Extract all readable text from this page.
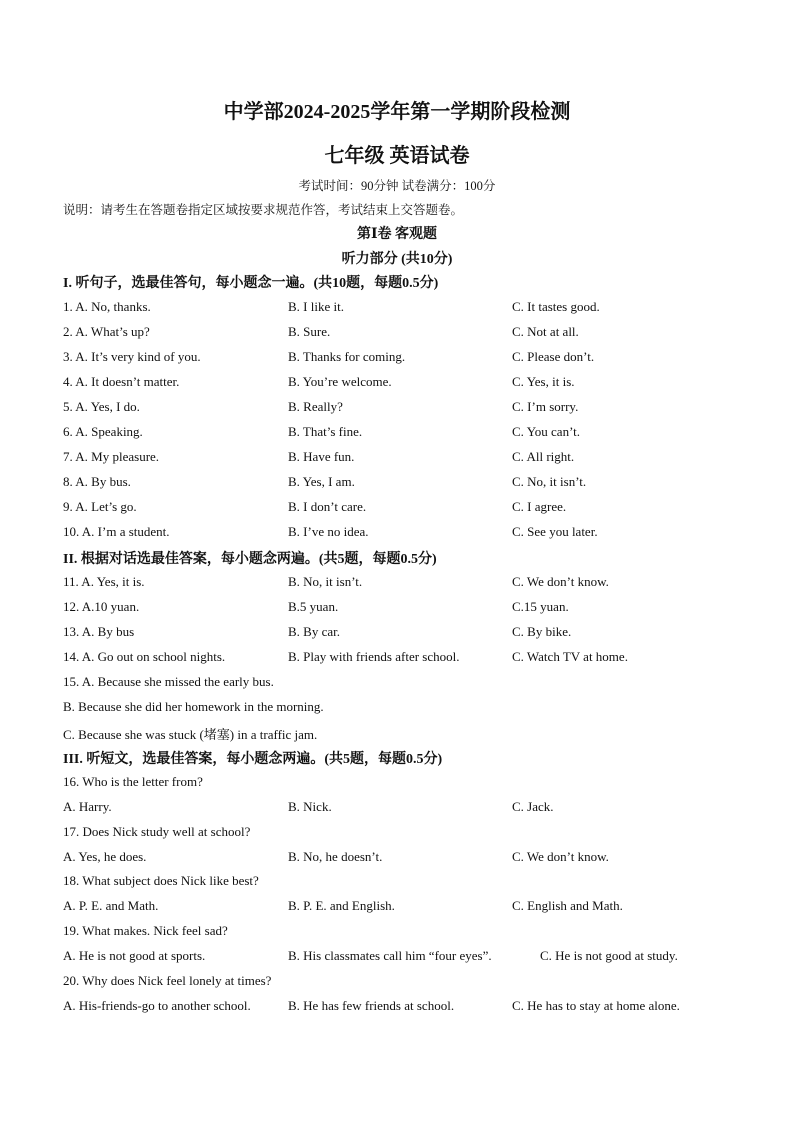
中学部2024-2025学年第一学期阶段检测
七年级 英语试卷
考试时间：90分钟 试卷满分：100分
说明：请考生在答题卷指定区域按要求规范作答，考试结束上交答题卷。
第Ⅰ卷 客观题
听力部分 (共10分)
I. 听句子，选最佳答句，每小题念一遍。(共10题，每题0.5分)
1. A. No, thanks.	B. I like it.	C. It tastes good.
2. A. What’s up?	B. Sure.	C. Not at all.
3. A. It’s very kind of you.	B. Thanks for coming.	C. Please don’t.
4. A. It doesn’t matter.	B. You’re welcome.	C. Yes, it is.
5. A. Yes, I do.	B. Really?	C. I’m sorry.
6. A. Speaking.	B. That’s fine.	C. You can’t.
7. A. My pleasure.	B. Have fun.	C. All right.
8. A. By bus.	B. Yes, I am.	C. No, it isn’t.
9. A. Let’s go.	B. I don’t care.	C. I agree.
10. A. I’m a student.	B. I’ve no idea.	C. See you later.
II. 根据对话选最佳答案，每小题念两遍。(共5题，每题0.5分)
11. A. Yes, it is.	B. No, it isn’t.	C. We don’t know.
12. A.10 yuan.	B.5 yuan.	C.15 yuan.
13. A. By bus	B. By car.	C. By bike.
14. A. Go out on school nights.	B. Play with friends after school.	C. Watch TV at home.
15. A. Because she missed the early bus.
B. Because she did her homework in the morning.
C. Because she was stuck (堵塞) in a traffic jam.
III. 听短文，选最佳答案，每小题念两遍。(共5题，每题0.5分)
16. Who is the letter from?
A. Harry.	B. Nick.	C. Jack.
17. Does Nick study well at school?
A. Yes, he does.	B. No, he doesn’t.	C. We don’t know.
18. What subject does Nick like best?
A. P. E. and Math.	B. P. E. and English.	C. English and Math.
19. What makes. Nick feel sad?
A. He is not good at sports.	B. His classmates call him “four eyes”.	C. He is not good at study.
20. Why does Nick feel lonely at times?
A. His-friends-go to another school.	B. He has few friends at school.	C. He has to stay at home alone.
